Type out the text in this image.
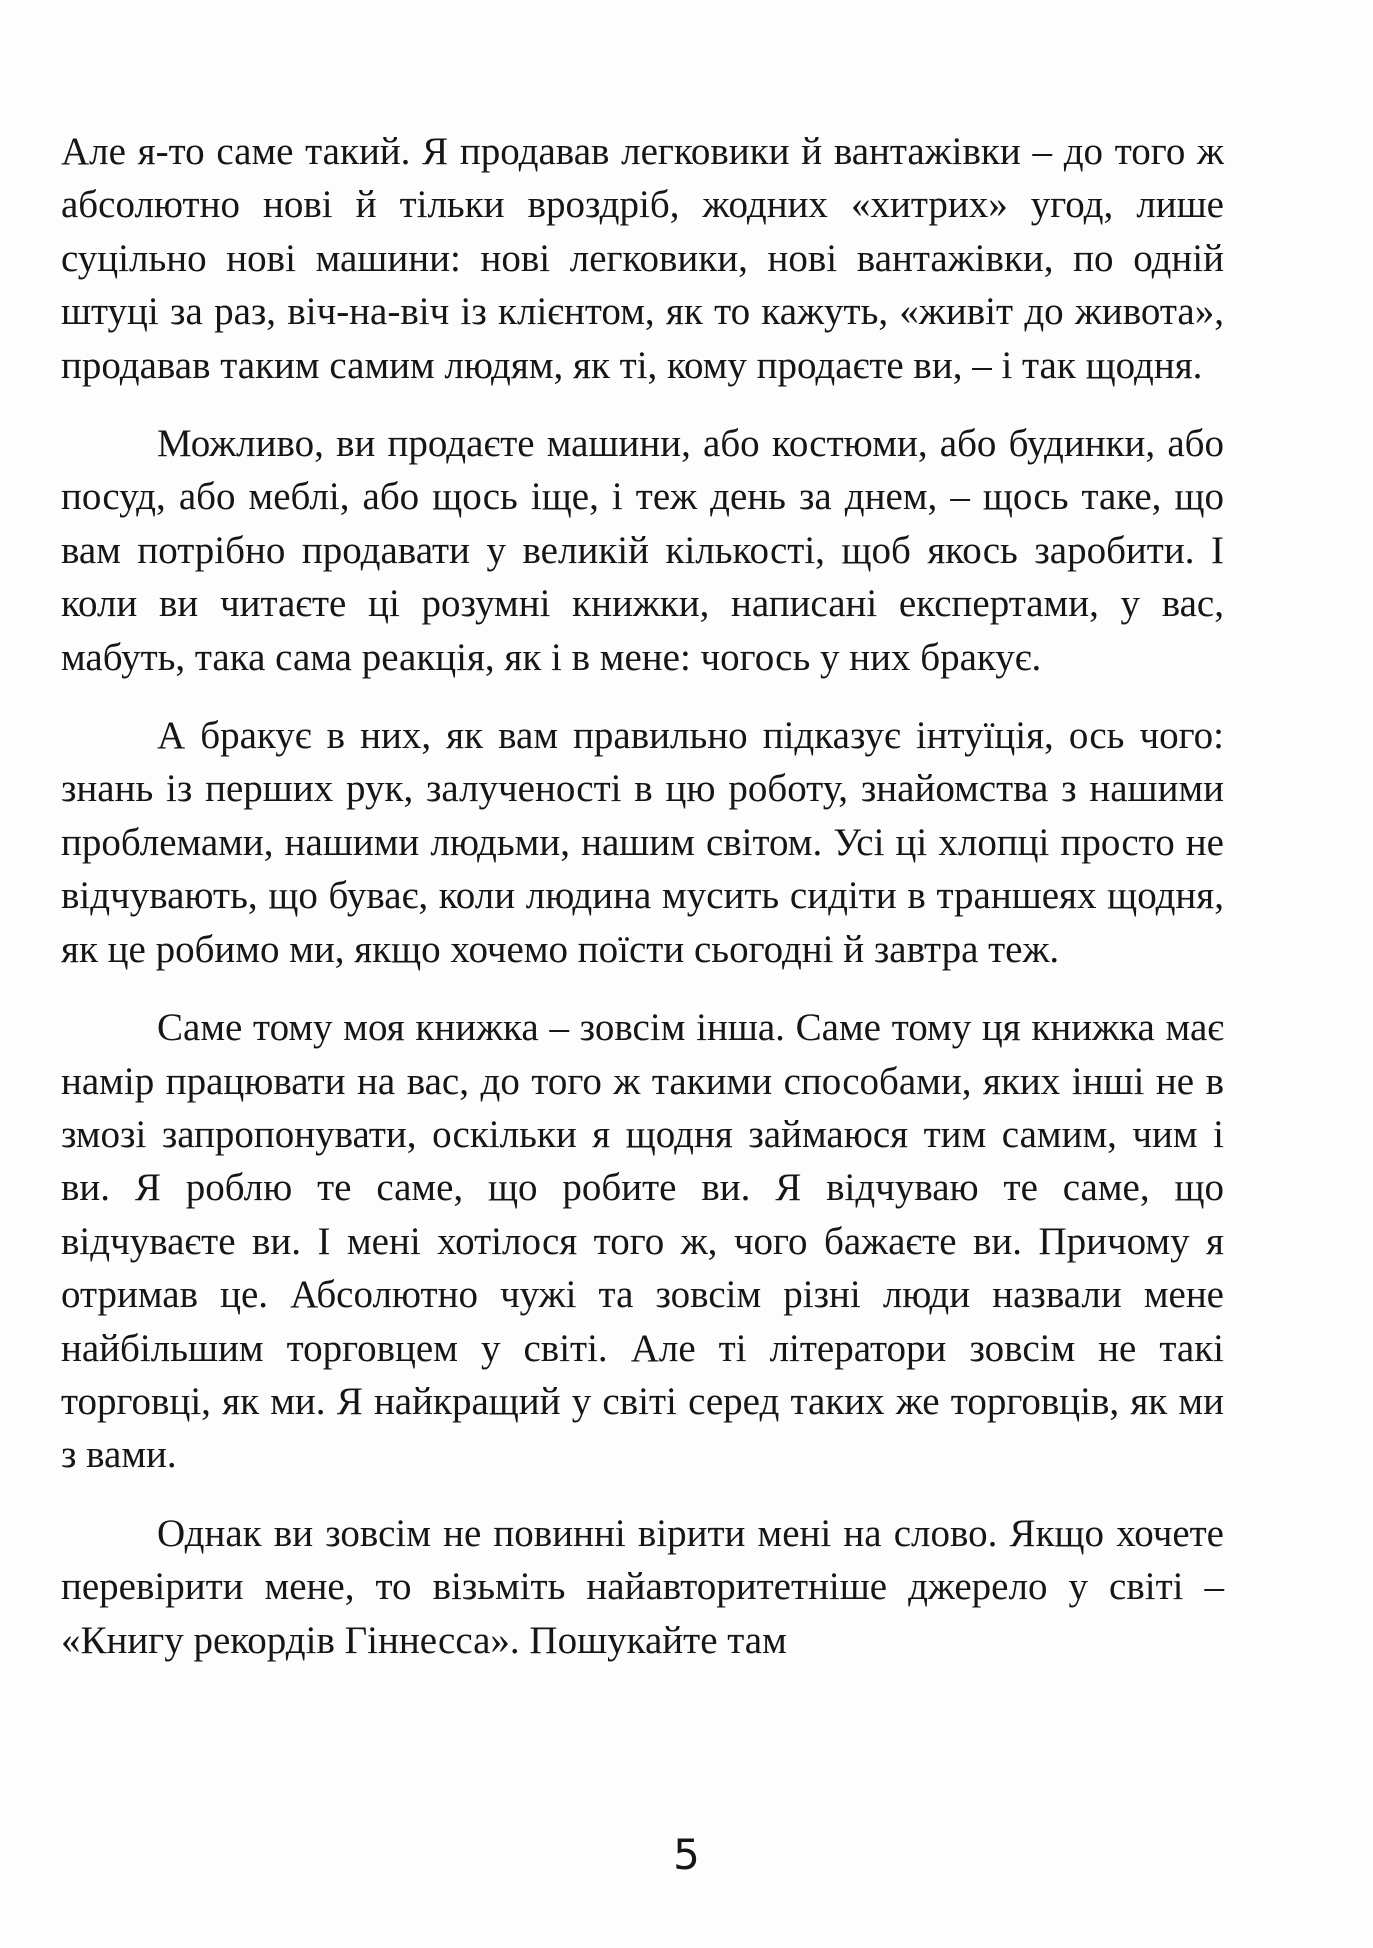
Але я-то саме такий. Я продавав легковики й вантажівки – до того ж абсолютно нові й тільки вроздріб, жодних «хитрих» угод, лише суцільно нові машини: нові легковики, нові вантажівки, по одній штуці за раз, віч-на-віч із клієнтом, як то кажуть, «живіт до живота», продавав таким самим людям, як ті, кому продаєте ви, – і так щодня.

Можливо, ви продаєте машини, або костюми, або будинки, або посуд, або меблі, або щось іще, і теж день за днем, – щось таке, що вам потрібно продавати у великій кількості, щоб якось заробити. І коли ви читаєте ці розумні книжки, написані експертами, у вас, мабуть, така сама реакція, як і в мене: чогось у них бракує.

А бракує в них, як вам правильно підказує інтуїція, ось чого: знань із перших рук, залученості в цю роботу, знайомства з нашими проблемами, нашими людьми, нашим світом. Усі ці хлопці просто не відчувають, що буває, коли людина мусить сидіти в траншеях щодня, як це робимо ми, якщо хочемо поїсти сьогодні й завтра теж.

Саме тому моя книжка – зовсім інша. Саме тому ця книжка має намір працювати на вас, до того ж такими способами, яких інші не в змозі запропонувати, оскільки я щодня займаюся тим самим, чим і ви. Я роблю те саме, що робите ви. Я відчуваю те саме, що відчуваєте ви. І мені хотілося того ж, чого бажаєте ви. Причому я отримав це. Абсолютно чужі та зовсім різні люди назвали мене найбільшим торговцем у світі. Але ті літератори зовсім не такі торговці, як ми. Я найкращий у світі серед таких же торговців, як ми з вами.

Однак ви зовсім не повинні вірити мені на слово. Якщо хочете перевірити мене, то візьміть найавторитетніше джерело у світі – «Книгу рекордів Гіннесса». Пошукайте там

5
